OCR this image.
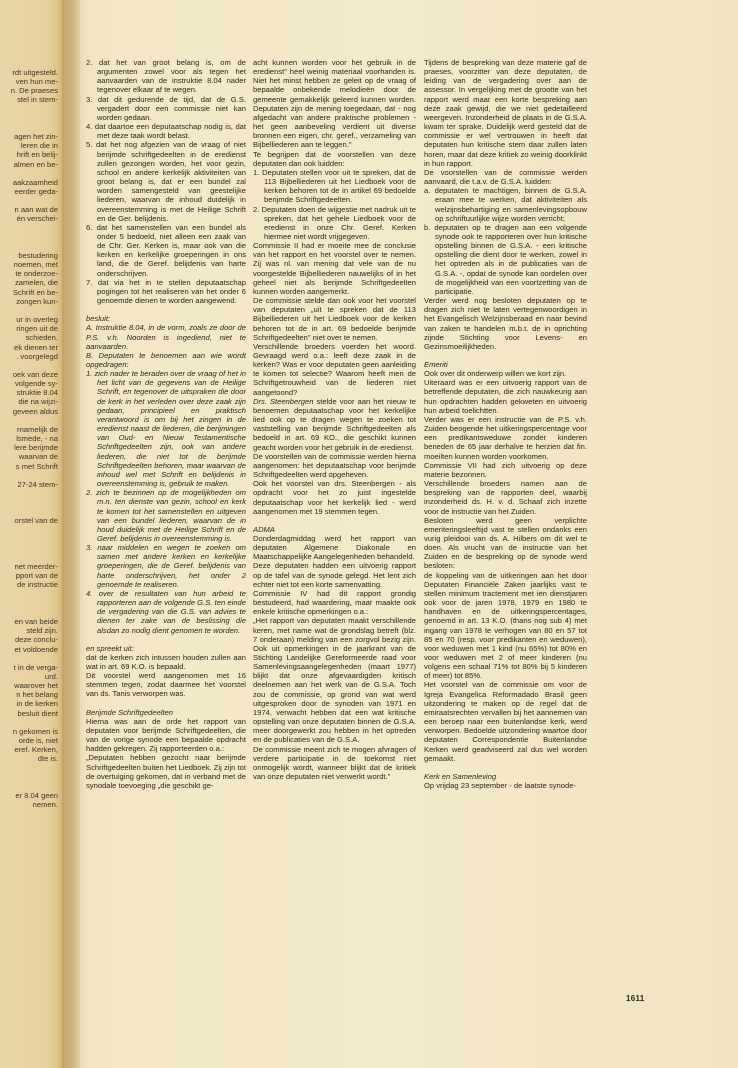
rdt uitgesteld.

ven hun me-

n. De praeses

stel in stem-

agen het zin-

leren die in

hrift en belij-

almen en be-

aakzaamheid

eerder geda-

n aan wat de

én verschei-

bestudering

noemen, met

te onderzoe-

zamelen, die

Schrift en be-

zongen kun-

ur in overleg

ringen uit de

schieden.

ek dienen ter

. voorgelegd

oek van deze

volgende sy-

struktie 8.04

die na wijzi-

geveen aldus

rnamelijk de

lsmede, - na

lere berijmde

waarvan de

s met Schrift

27-24 stem-

orstel van de

net meerder-

pport van de

de instructie

en van beide

steld zijn.

deze conclu-

et voldoende

t in de verga-

urd.

waarover het

n het belang

in de kerken

besluit dient

n gekomen is

orde is, niet

eref. Kerken,

dte is.

er 8.04 geen

nemen.

2. dat het van groot belang is, om de argumenten zowel voor als tegen het aanvaarden van de instruktie 8.04 nader tegenover elkaar af te wegen.

3. dat dit gedurende de tijd, dat de G.S. vergadert door een commissie niet kan worden gedaan.

4. dat daartoe een deputaatschap nodig is, dat met deze taak wordt belast.

5. dat het nog afgezien van de vraag of niet berijmde schriftgedeelten in de eredienst zullen gezongen worden, het voor gezin, school en andere kerkelijk aktiviteiten van groot belang is, dat er een bundel zal worden samengesteld van geestelijke liederen, waarvan de inhoud duidelijk in overeenstemming is met de Heilige Schrift en de Ger. belijdenis.

6. dat het samenstellen van een bundel als onder 5 bedoeld, niet alleen een zaak van de Chr. Ger. Kerken is, maar ook van die kerken en kerkelijke groeperingen in ons land, die de Geref. belijdenis van harte onderschrijven.

7. dat via het in te stellen deputaatschap pogingen tot het realiseren van het onder 6 genoemde dienen te worden aangewend.

besluit:

A. Instruktie 8.04, in de vorm, zoals ze door de P.S. v.h. Noorden is ingediend, niet te aanvaarden.

B. Deputaten te benoemen aan wie wordt opgedragen:

1. zich nader te beraden over de vraag of het in het licht van de gegevens van de Heilige Schrift, en tegenover de uitspraken die door de kerk in het verleden over deze zaak zijn gedaan, principieel en praktisch verantwoord is om bij het zingen in de eredienst naast de liederen, die berijmingen van Oud- en Nieuw Testamentische Schriftgedeelten zijn, ook van andere liederen, die niet tot de berijmde Schriftgedeelten behoren, maar waarvan de inhoud wel met Schrift en belijdenis in overeenstemming is, gebruik te maken.

2. zich te bezinnen op de mogelijkheden om m.n. ten dienste van gezin, school en kerk te komen tot het samenstellen en uitgeven van een bundel liederen, waarvan de in houd duidelijk met de Heilige Schrift en de Geref. belijdenis in overeenstemming is.

3. naar middelen en wegen te zoeken om samen met andere kerken en kerkelijke groeperingen, die de Geref. belijdenis van harte onderschrijven, het onder 2 genoemde te realiseren.

4. over de resultaten van hun arbeid te rapporteren aan de volgende G.S. ten einde de vergadering van die G.S. van advies te dienen ter zake van de beslissing die alsdan zo nodig dient genomen te worden.

en spreekt uit:

dat de kerken zich intussen houden zullen aan wat in art. 69 K.O. is bepaald.

Dit voorstel werd aangenomen met 16 stemmen tegen, zodat daarmee het voorstel van ds. Tanis verworpen was.

Berijmde Schriftgedeelten

Hierna was aan de orde het rapport van deputaten voor berijmde Schriftgedeelten, die van de vorige synode een bepaalde opdracht hadden gekregen. Zij rapporteerden o.a.:

„Deputaten hebben gezocht naar berijmde Schriftgedeelten buiten het Liedboek. Zij zijn tot de overtuiging gekomen, dat in verband met de synodale toevoeging „die geschikt ge-

acht kunnen worden voor het gebruik in de eredienst" heel weinig materiaal voorhanden is. Niet het minst hebben ze geleit op de vraag of bepaalde onbekende melodieën door de gemeente gemakkelijk geleerd kunnen worden. Deputaten zijn de mening toegedaan, dat - nog afgedacht van andere praktische problemen - het geen aanbeveling verdient uit diverse bronnen een eigen, chr. geref., verzameling van Bijbelliederen aan te leggen."

Te begrijpen dat de voorstellen van deze deputaten dan ook luidden:

1. Deputaten stellen voor uit te spreken, dat de 113 Bijbelliederen uit het Liedboek voor de kerken behoren tot de in artikel 69 bedoelde berijmde Schriftgedeelten.

2. Deputaten doen de wijgestie met nadruk uit te spreken, dat het gehele Liedboek voor de eredienst in onze Chr. Geref. Kerken hiermee niet wordt vrijgegeven.

Commissie II had er moeite mee de conclusie van het rapport en het voorstel over te nemen. Zij was nl. van mening dat vele van de nu voorgestelde Bijbelliederen nauwelijks of in het geheel niet als berijmde Schriftgedeelten kunnen worden aangemerkt.

De commissie stelde dan ook voor het voorstel van deputaten „uit te spreken dat de 113 Bijbelliederen uit het Liedboek voor de kerken behoren tot de in art. 69 bedoelde berijmde Schriftgedeelten" niet over te nemen.

Verschillende broeders voerden het woord. Gevraagd werd o.a.: leeft deze zaak in de kerken? Was er voor deputaten geen aanleiding te komen tot selectie? Waarom heeft men de Schriftgetrouwheid van de liederen niet aangetoond?

Drs. Steenbergen stelde voor aan het nieuw te benoemen deputaatschap voor het kerkelijke lied ook op te dragen wegen te zoeken tot vaststelling van berijmde Schriftgedeelten als bedoeld in art. 69 KO., die geschikt kunnen geacht worden voor het gebruik in de eredienst.

De voorstellen van de commissie werden hierna aangenomen: het deputaatschap voor berijmde Schriftgedeelten werd opgeheven.

Ook het voorstel van drs. Steenbergen - als opdracht voor het zo juist ingestelde deputaatschap voor het kerkelijk lied - werd aangenomen met 19 stemmen tegen.

ADMA

Donderdagmiddag werd het rapport van deputaten Algemene Diakonale en Maatschappelijke Aangelegenheden behandeld.

Deze deputaten hadden een uitvoerig rapport op de tafel van de synode gelegd. Het lent zich echter niet tot een korte samenvatting.

Commissie IV had dit rapport grondig bestudeerd, had waardering, maar maakte ook enkele kritische opmerkingen o.a.:

„Het rapport van deputaten maakt verschillende keren, met name wat de grondslag betreft (blz. 7 onderaan) melding van een zorgvol bezig zijn. Ook uit opmerkingen in de jaarkrant van de Stichting Landelijke Gereformeerde raad voor Samenlevingsaangelegenheden (maart 1977) blijkt dat onze afgevaardigden kritisch deelnemen aan het werk van de G.S.A. Toch zou de commissie, op grond van wat werd uitgesproken door de synoden van 1971 en 1974, verwacht hebben dat een wat kritische opstelling van onze deputaten binnen de G.S.A. meer doorgewerkt zou hebben in het optreden en de publicaties van de G.S.A.

De commissie meent zich te mogen afvragen of verdere participatie in de toekomst niet onmogelijk wordt, wanneer blijkt dat de kritiek van onze deputaten niet verwerkt wordt."

Tijdens de bespreking van deze materie gaf de praeses, voorzitter van deze deputaten, de leiding van de vergadering over aan de assessor. In vergelijking met de grootte van het rapport werd maar een korte bespreking aan deze zaak gewijd, die we niet gedetailleerd weergeven. Inzonderheid de plaats in de G.S.A. kwam ter sprake. Duidelijk werd gesteld dat de commissie er wel vertrouwen in heeft dat deputaten hun kritische stem daar zullen laten horen, maar dat deze kritiek zo weinig doorklinkt in hun rapport.

De voorstellen van de commissie werden aanvaard, die t.a.v. de G.S.A. luidden:

a. deputaten te machtigen, binnen de G.S.A. eraan mee te werken, dat aktiviteiten als welzijnsbehartiging en samenlevingsopbouw op schriftuurlijke wijze worden verricht;

b. deputaten op te dragen aan een volgende synode ook te rapporteren over hun kritische opstelling binnen de G.S.A. - een kritische opstelling die dient door te werken, zowel in het optreden als in de publicaties van de G.S.A. -, opdat de synode kan oordelen over de mogelijkheid van een voortzetting van de participatie.

Verder werd nog besloten deputaten op te dragen zich niet te laten vertegenwoordigen in het Evangelisch Welzijnsberaad en naar bevind van zaken te handelen m.b.t. de in oprichting zijnde Stichting voor Levens- en Gezinsmoeilijkheden.

Emeriti

Ook over dit onderwerp willen we kort zijn.

Uiteraard was er een uitvoerig rapport van de betreffende deputaten, die zich nauwkeurig aan hun opdrachten hadden gekweten en uitvoerig hun arbeid toelichtten.

Verder was er een instructie van de P.S. v.h. Zuiden beogende het uitkeringspercentage voor een predikantsweduwe zonder kinderen beneden de 65 jaar derhalve te herzien dat fin. moeilten kunnen worden voorkomen.

Commissie VII had zich uitvoerig op deze materie bezonnen.

Verschillende broeders namen aan de bespreking van de rapporten deel, waarbij inzonderheid ds. H. v. d. Schaaf zich inzette voor de instructie van het Zuiden.

Besloten werd geen verplichte emeriteringsleeftijd vast te stellen ondanks een vurig pleidooi van ds. A. Hilbers om dit wel te doen. Als vrucht van de instructie van het Zuiden en de bespreking op de synode werd besloten:

de koppeling van de uitkeringen aan het door Deputaten Financiële Zaken jaarlijks vast te stellen minimum tractement met ien dienstjaren ook voor de jaren 1978, 1979 en 1980 te handhaven en de uitkeringspercentages, genoemd in art. 13 K.O. (thans nog sub 4) met ingang van 1978 te verhogen van 80 en 57 tot 85 en 70 (resp. voor predikanten en weduwen), voor weduwen met 1 kind (nu 65%) tot 80% en voor weduwen met 2 of meer kinderen (nu volgens een schaal 71% tot 80% bij 5 kinderen of meer) tot 85%.

Het voorstel van de commissie om voor de Igreja Evangelica Reformadado Brasil geen uitzondering te maken op de regel dat de emiraatsrechten vervallen bij het aannemen van een beroep naar een buitenlandse kerk, werd verworpen. Bedoelde uitzondering waartoe door deputaten Correspondentie Buitenlandse Kerken werd geadviseerd zal dus wel worden gemaakt.

Kerk en Samenleving

Op vrijdag 23 september - de laatste synode-

1611
